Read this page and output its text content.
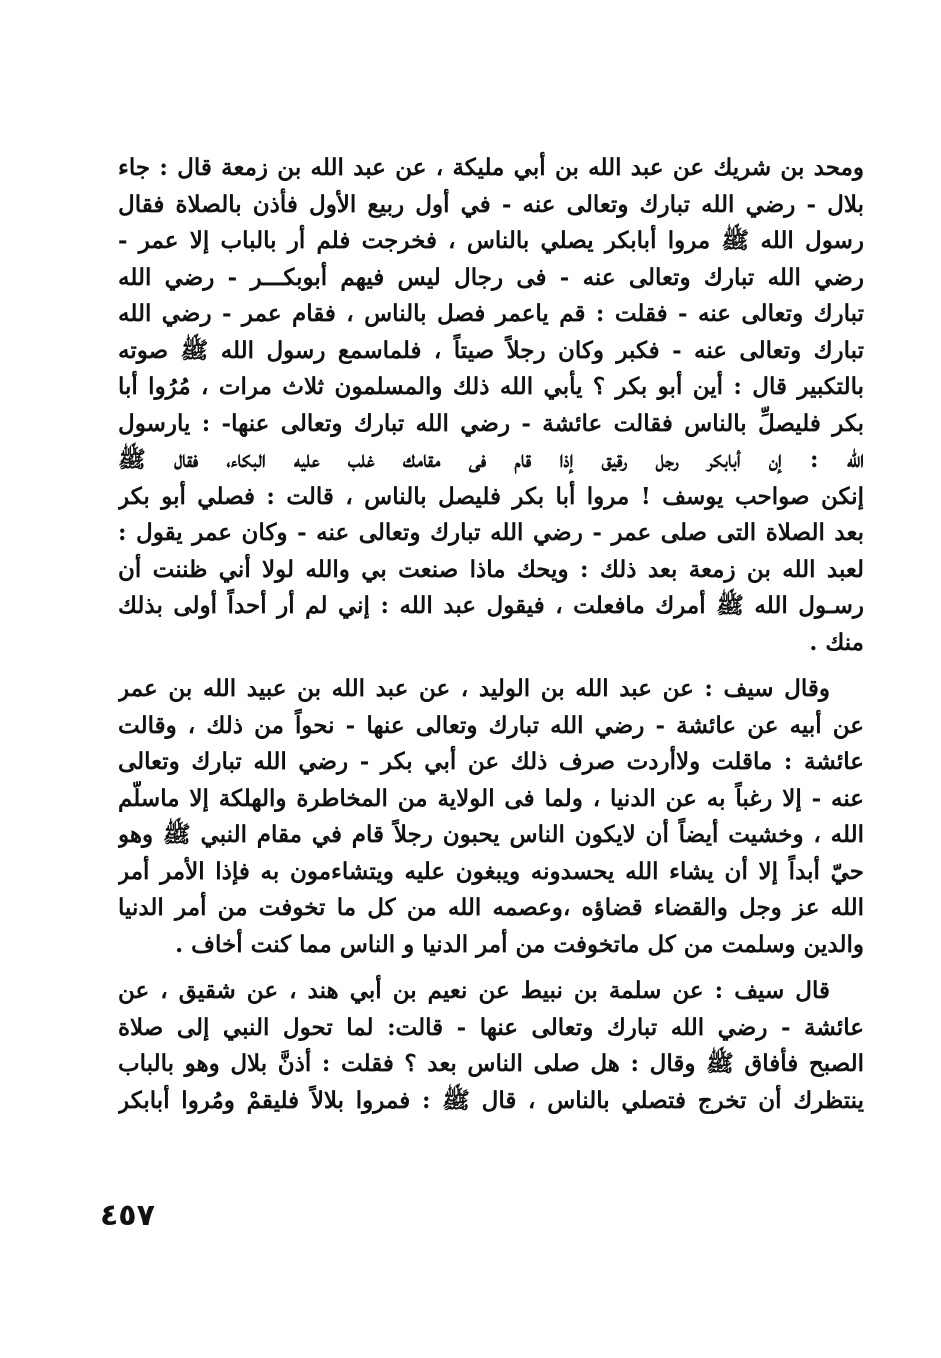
ومحد بن شريك عن عبد الله بن أبي مليكة ، عن عبد الله بن زمعة قال : جاء
بلال - رضي الله تبارك وتعالى عنه - في أول ربيع الأول فأذن بالصلاة فقال
رسول الله ﷺ مروا أبابكر يصلي بالناس ، فخرجت فلم أر بالباب إلا عمر -
رضي الله تبارك وتعالى عنه - فى رجال ليس فيهم أبوبكـــر - رضي الله
تبارك وتعالى عنه - فقلت : قم ياعمر فصل بالناس ، فقام عمر - رضي الله
تبارك وتعالى عنه - فكبر وكان رجلاً صيتاً ، فلماسمع رسول الله ﷺ صوته
بالتكبير قال : أين أبو بكر ؟ يأبي الله ذلك والمسلمون ثلاث مرات ، مُرُوا أبا
بكر فليصلِّ بالناس فقالت عائشة - رضي الله تبارك وتعالى عنها- : يارسول
الله : إن أبابكر رجل رقيق إذا قام فى مقامك غلب عليه البكاء، فقال ﷺ
إنكن صواحب يوسف ! مروا أبا بكر فليصل بالناس ، قالت : فصلي أبو بكر
بعد الصلاة التى صلى عمر - رضي الله تبارك وتعالى عنه - وكان عمر يقول :
لعبد الله بن زمعة بعد ذلك : ويحك ماذا صنعت بي والله لولا أني ظننت أن
رسـول الله ﷺ أمرك مافعلت ، فيقول عبد الله : إني لم أر أحداً أولى بذلك
منك .

وقال سيف : عن عبد الله بن الوليد ، عن عبد الله بن عبيد الله بن عمر
عن أبيه عن عائشة - رضي الله تبارك وتعالى عنها - نحواً من ذلك ، وقالت
عائشة : ماقلت ولاأردت صرف ذلك عن أبي بكر - رضي الله تبارك وتعالى
عنه - إلا رغباً به عن الدنيا ، ولما فى الولاية من المخاطرة والهلكة إلا ماسلَّم
الله ، وخشيت أيضاً أن لايكون الناس يحبون رجلاً قام في مقام النبي ﷺ وهو
حيّ أبداً إلا أن يشاء الله يحسدونه ويبغون عليه ويتشاءمون به فإذا الأمر أمر
الله عز وجل والقضاء قضاؤه ،وعصمه الله من كل ما تخوفت من أمر الدنيا
والدين وسلمت من كل ماتخوفت من أمر الدنيا و الناس مما كنت أخاف .

قال سيف : عن سلمة بن نبيط عن نعيم بن أبي هند ، عن شقيق ، عن
عائشة - رضي الله تبارك وتعالى عنها - قالت: لما تحول النبي إلى صلاة
الصبح فأفاق ﷺ وقال : هل صلى الناس بعد ؟ فقلت : أذنَّ بلال وهو بالباب
ينتظرك أن تخرج فتصلي بالناس ، قال ﷺ : فمروا بلالاً فليقمْ ومُروا أبابكر

٤٥٧
